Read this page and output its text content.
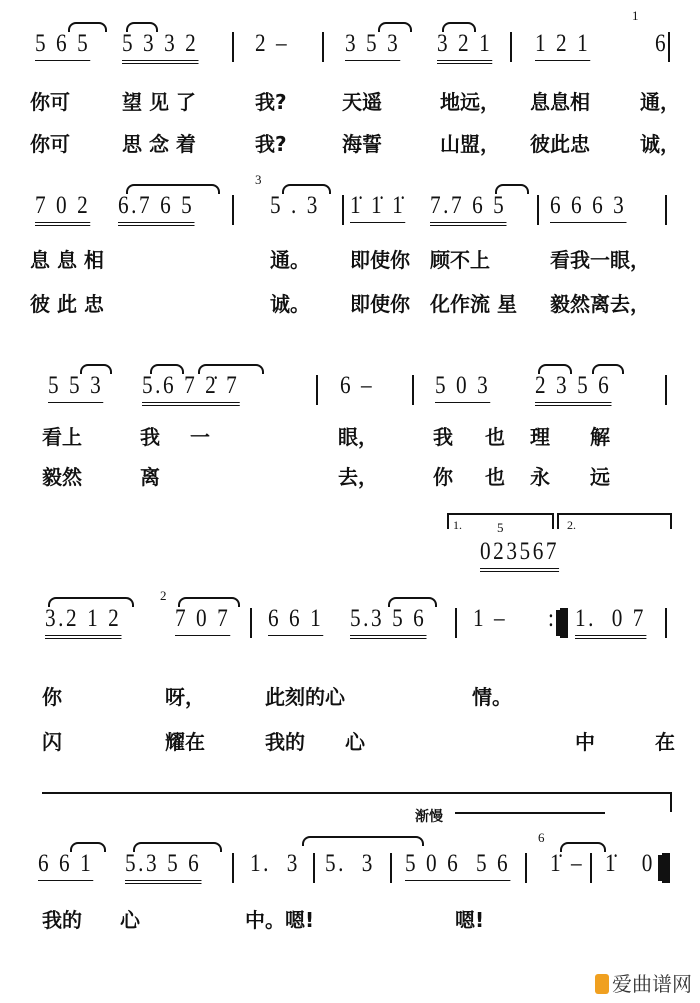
5 6 5 5 3 3 2 2 – 3 5 3 3 2 1 1 2 1	6
1
你可	望 见 了	我?	天遥	地远， 息息相	通，
你可	思 念 着	我?	海誓	山盟， 彼此忠	诚，
7 0 2 6.7 6 5	5 . 3 1̇ 1̇ 1̇ 7.7 6 5 6 6 6 3
3
息 息 相	通。 即使你 顾不上	看我一眼，
彼 此 忠	诚。 即使你 化作流 星 毅然离去，
5 5 3 5.6 7 2̇ 7	6 – 5 0 3 2 3 5 6
看上	我 一	眼，	我 也 理 解
毅然	离	去，	你 也 永 远
3.2 1 2 7 0 7 6 6 1 5.3 5 6 1 – : 1.  0 7
023567
2
5
你	呀，	此刻的心	情。
闪	耀在	我的 心	中	在
1.	2.
6 6 1 5.3 5 6 1.  3 5.  3 5 0 6  5 6 1̇ – 1̇   0
6
我的 心	中。嗯!	嗯!
渐慢
爱曲谱网
